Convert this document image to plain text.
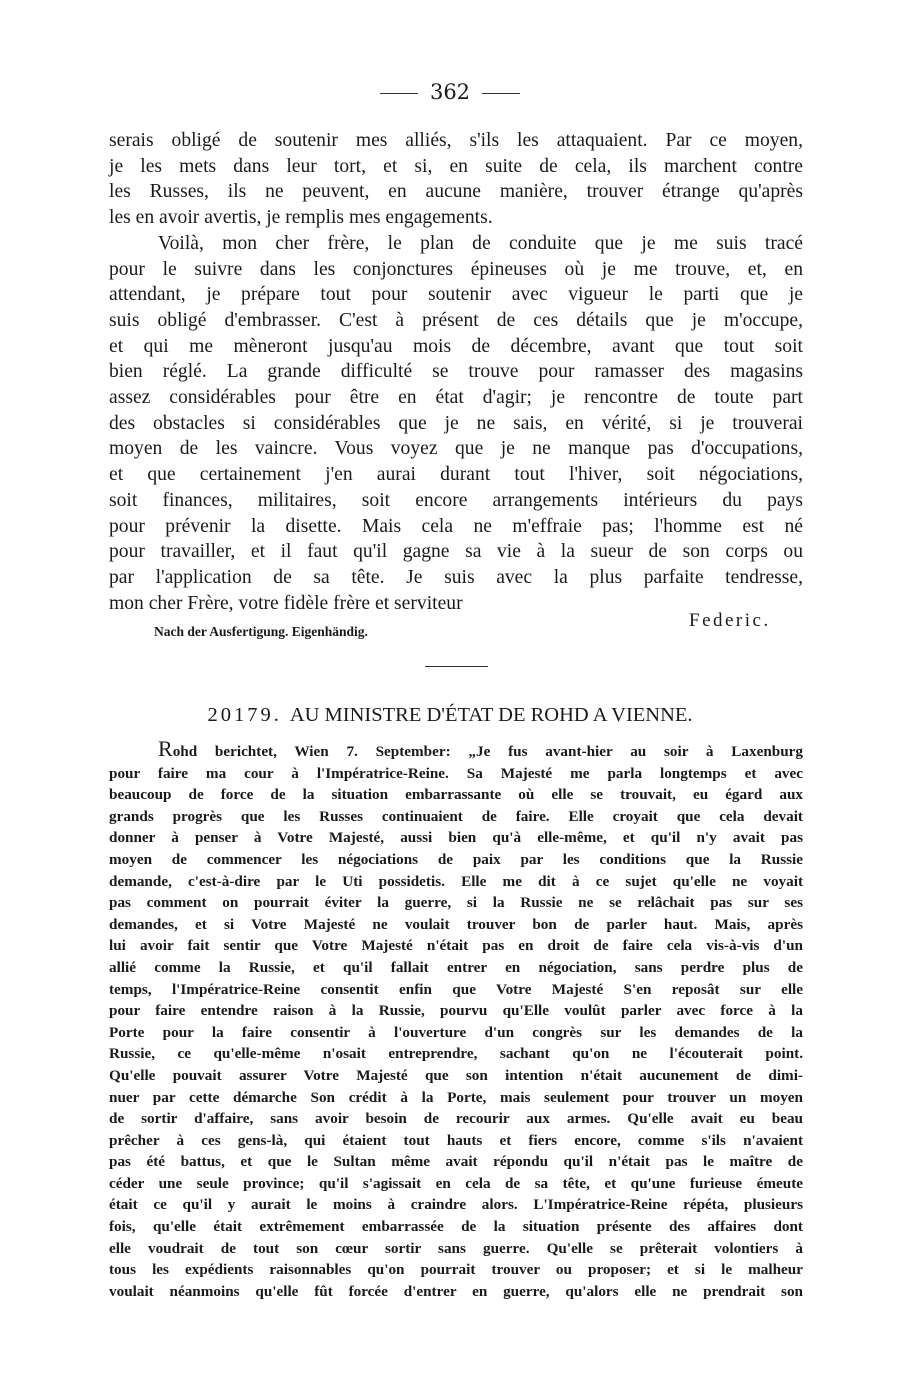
362
serais obligé de soutenir mes alliés, s'ils les attaquaient. Par ce moyen,
je les mets dans leur tort, et si, en suite de cela, ils marchent contre
les Russes, ils ne peuvent, en aucune manière, trouver étrange qu'après
les en avoir avertis, je remplis mes engagements.
Voilà, mon cher frère, le plan de conduite que je me suis tracé
pour le suivre dans les conjonctures épineuses où je me trouve, et, en
attendant, je prépare tout pour soutenir avec vigueur le parti que je
suis obligé d'embrasser. C'est à présent de ces détails que je m'occupe,
et qui me mèneront jusqu'au mois de décembre, avant que tout soit
bien réglé. La grande difficulté se trouve pour ramasser des magasins
assez considérables pour être en état d'agir; je rencontre de toute part
des obstacles si considérables que je ne sais, en vérité, si je trouverai
moyen de les vaincre. Vous voyez que je ne manque pas d'occupations,
et que certainement j'en aurai durant tout l'hiver, soit négociations,
soit finances, militaires, soit encore arrangements intérieurs du pays
pour prévenir la disette. Mais cela ne m'effraie pas; l'homme est né
pour travailler, et il faut qu'il gagne sa vie à la sueur de son corps ou
par l'application de sa tête. Je suis avec la plus parfaite tendresse,
mon cher Frère, votre fidèle frère et serviteur
Nach der Ausfertigung. Eigenhändig.
Federic.
20179. AU MINISTRE D'ÉTAT DE ROHD A VIENNE.
Rohd berichtet, Wien 7. September: „Je fus avant-hier au soir à Laxenburg
pour faire ma cour à l'Impératrice-Reine. Sa Majesté me parla longtemps et avec
beaucoup de force de la situation embarrassante où elle se trouvait, eu égard aux
grands progrès que les Russes continuaient de faire. Elle croyait que cela devait
donner à penser à Votre Majesté, aussi bien qu'à elle-même, et qu'il n'y avait pas
moyen de commencer les négociations de paix par les conditions que la Russie
demande, c'est-à-dire par le Uti possidetis. Elle me dit à ce sujet qu'elle ne voyait
pas comment on pourrait éviter la guerre, si la Russie ne se relâchait pas sur ses
demandes, et si Votre Majesté ne voulait trouver bon de parler haut. Mais, après
lui avoir fait sentir que Votre Majesté n'était pas en droit de faire cela vis-à-vis d'un
allié comme la Russie, et qu'il fallait entrer en négociation, sans perdre plus de
temps, l'Impératrice-Reine consentit enfin que Votre Majesté S'en reposât sur elle
pour faire entendre raison à la Russie, pourvu qu'Elle voulût parler avec force à la
Porte pour la faire consentir à l'ouverture d'un congrès sur les demandes de la
Russie, ce qu'elle-même n'osait entreprendre, sachant qu'on ne l'écouterait point.
Qu'elle pouvait assurer Votre Majesté que son intention n'était aucunement de dimi-
nuer par cette démarche Son crédit à la Porte, mais seulement pour trouver un moyen
de sortir d'affaire, sans avoir besoin de recourir aux armes. Qu'elle avait eu beau
prêcher à ces gens-là, qui étaient tout hauts et fiers encore, comme s'ils n'avaient
pas été battus, et que le Sultan même avait répondu qu'il n'était pas le maître de
céder une seule province; qu'il s'agissait en cela de sa tête, et qu'une furieuse émeute
était ce qu'il y aurait le moins à craindre alors. L'Impératrice-Reine répéta, plusieurs
fois, qu'elle était extrêmement embarrassée de la situation présente des affaires dont
elle voudrait de tout son cœur sortir sans guerre. Qu'elle se prêterait volontiers à
tous les expédients raisonnables qu'on pourrait trouver ou proposer; et si le malheur
voulait néanmoins qu'elle fût forcée d'entrer en guerre, qu'alors elle ne prendrait son
